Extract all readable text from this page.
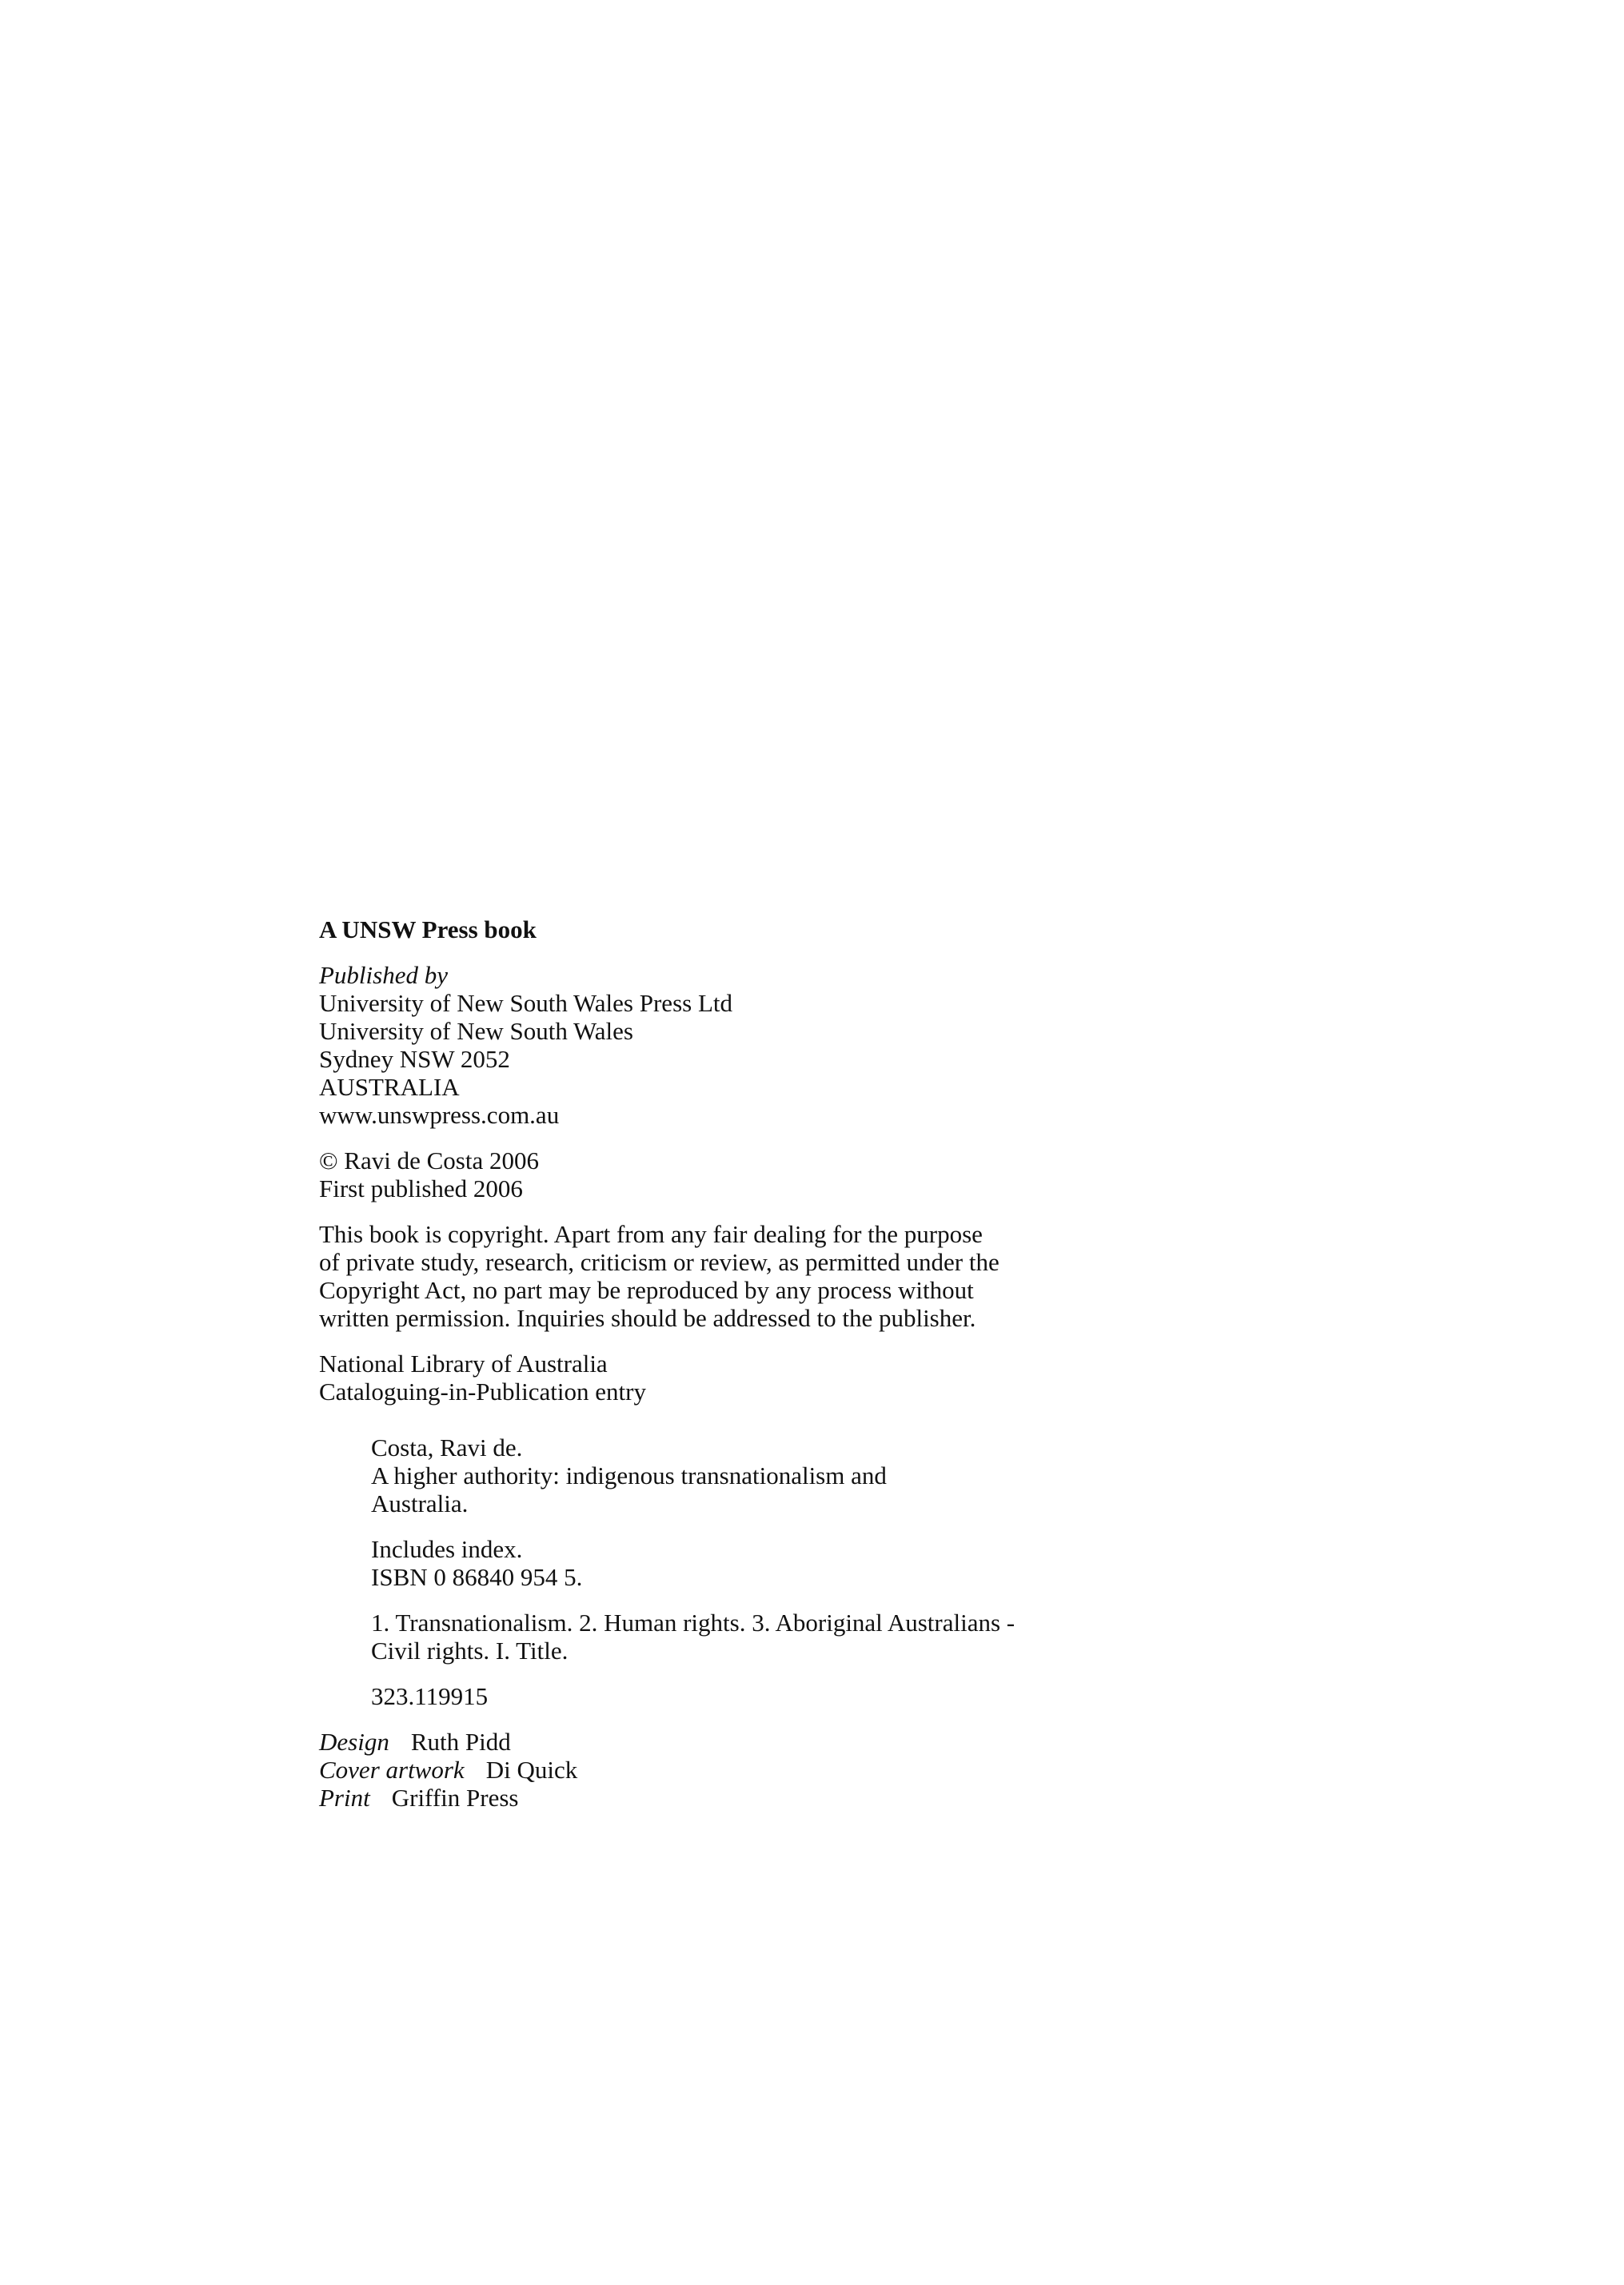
A UNSW Press book
Published by
University of New South Wales Press Ltd
University of New South Wales
Sydney NSW 2052
AUSTRALIA
www.unswpress.com.au
© Ravi de Costa 2006
First published 2006
This book is copyright. Apart from any fair dealing for the purpose
of private study, research, criticism or review, as permitted under the
Copyright Act, no part may be reproduced by any process without
written permission. Inquiries should be addressed to the publisher.
National Library of Australia
Cataloguing-in-Publication entry
Costa, Ravi de.
A higher authority: indigenous transnationalism and
Australia.
Includes index.
ISBN 0 86840 954 5.
1. Transnationalism. 2. Human rights. 3. Aboriginal Australians -
Civil rights. I. Title.
323.119915
Design Ruth Pidd
Cover artwork Di Quick
Print Griffin Press
